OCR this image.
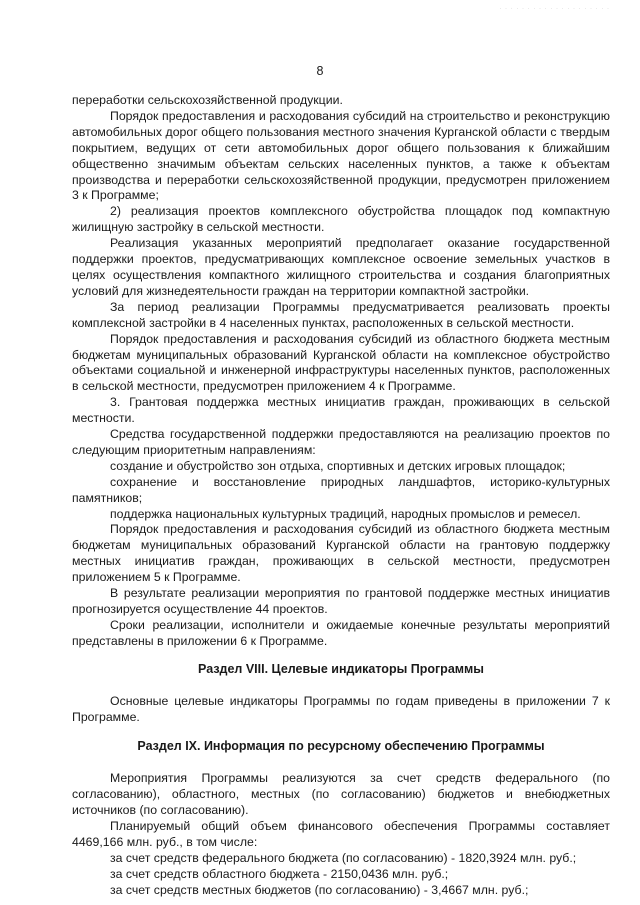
· · · · · · · · · · · · · · · · · · · ·
8

переработки сельскохозяйственной продукции.

Порядок предоставления и расходования субсидий на строительство и реконструкцию автомобильных дорог общего пользования местного значения Курганской области с твердым покрытием, ведущих от сети автомобильных дорог общего пользования к ближайшим общественно значимым объектам сельских населенных пунктов, а также к объектам производства и переработки сельскохозяйственной продукции, предусмотрен приложением 3 к Программе;

2) реализация проектов комплексного обустройства площадок под компактную жилищную застройку в сельской местности.

Реализация указанных мероприятий предполагает оказание государственной поддержки проектов, предусматривающих комплексное освоение земельных участков в целях осуществления компактного жилищного строительства и создания благоприятных условий для жизнедеятельности граждан на территории компактной застройки.

За период реализации Программы предусматривается реализовать проекты комплексной застройки в 4 населенных пунктах, расположенных в сельской местности.

Порядок предоставления и расходования субсидий из областного бюджета местным бюджетам муниципальных образований Курганской области на комплексное обустройство объектами социальной и инженерной инфраструктуры населенных пунктов, расположенных в сельской местности, предусмотрен приложением 4 к Программе.

3. Грантовая поддержка местных инициатив граждан, проживающих в сельской местности.

Средства государственной поддержки предоставляются на реализацию проектов по следующим приоритетным направлениям:

создание и обустройство зон отдыха, спортивных и детских игровых площадок;

сохранение и восстановление природных ландшафтов, историко-культурных памятников;

поддержка национальных культурных традиций, народных промыслов и ремесел.

Порядок предоставления и расходования субсидий из областного бюджета местным бюджетам муниципальных образований Курганской области на грантовую поддержку местных инициатив граждан, проживающих в сельской местности, предусмотрен приложением 5 к Программе.

В результате реализации мероприятия по грантовой поддержке местных инициатив прогнозируется осуществление 44 проектов.

Сроки реализации, исполнители и ожидаемые конечные результаты мероприятий представлены в приложении 6 к Программе.

Раздел VIII. Целевые индикаторы Программы

Основные целевые индикаторы Программы по годам приведены в приложении 7 к Программе.

Раздел IX. Информация по ресурсному обеспечению Программы

Мероприятия Программы реализуются за счет средств федерального (по согласованию), областного, местных (по согласованию) бюджетов и внебюджетных источников (по согласованию).

Планируемый общий объем финансового обеспечения Программы составляет 4469,166 млн. руб., в том числе:

за счет средств федерального бюджета (по согласованию) - 1820,3924 млн. руб.;

за счет средств областного бюджета - 2150,0436 млн. руб.;

за счет средств местных бюджетов (по согласованию) - 3,4667 млн. руб.;
